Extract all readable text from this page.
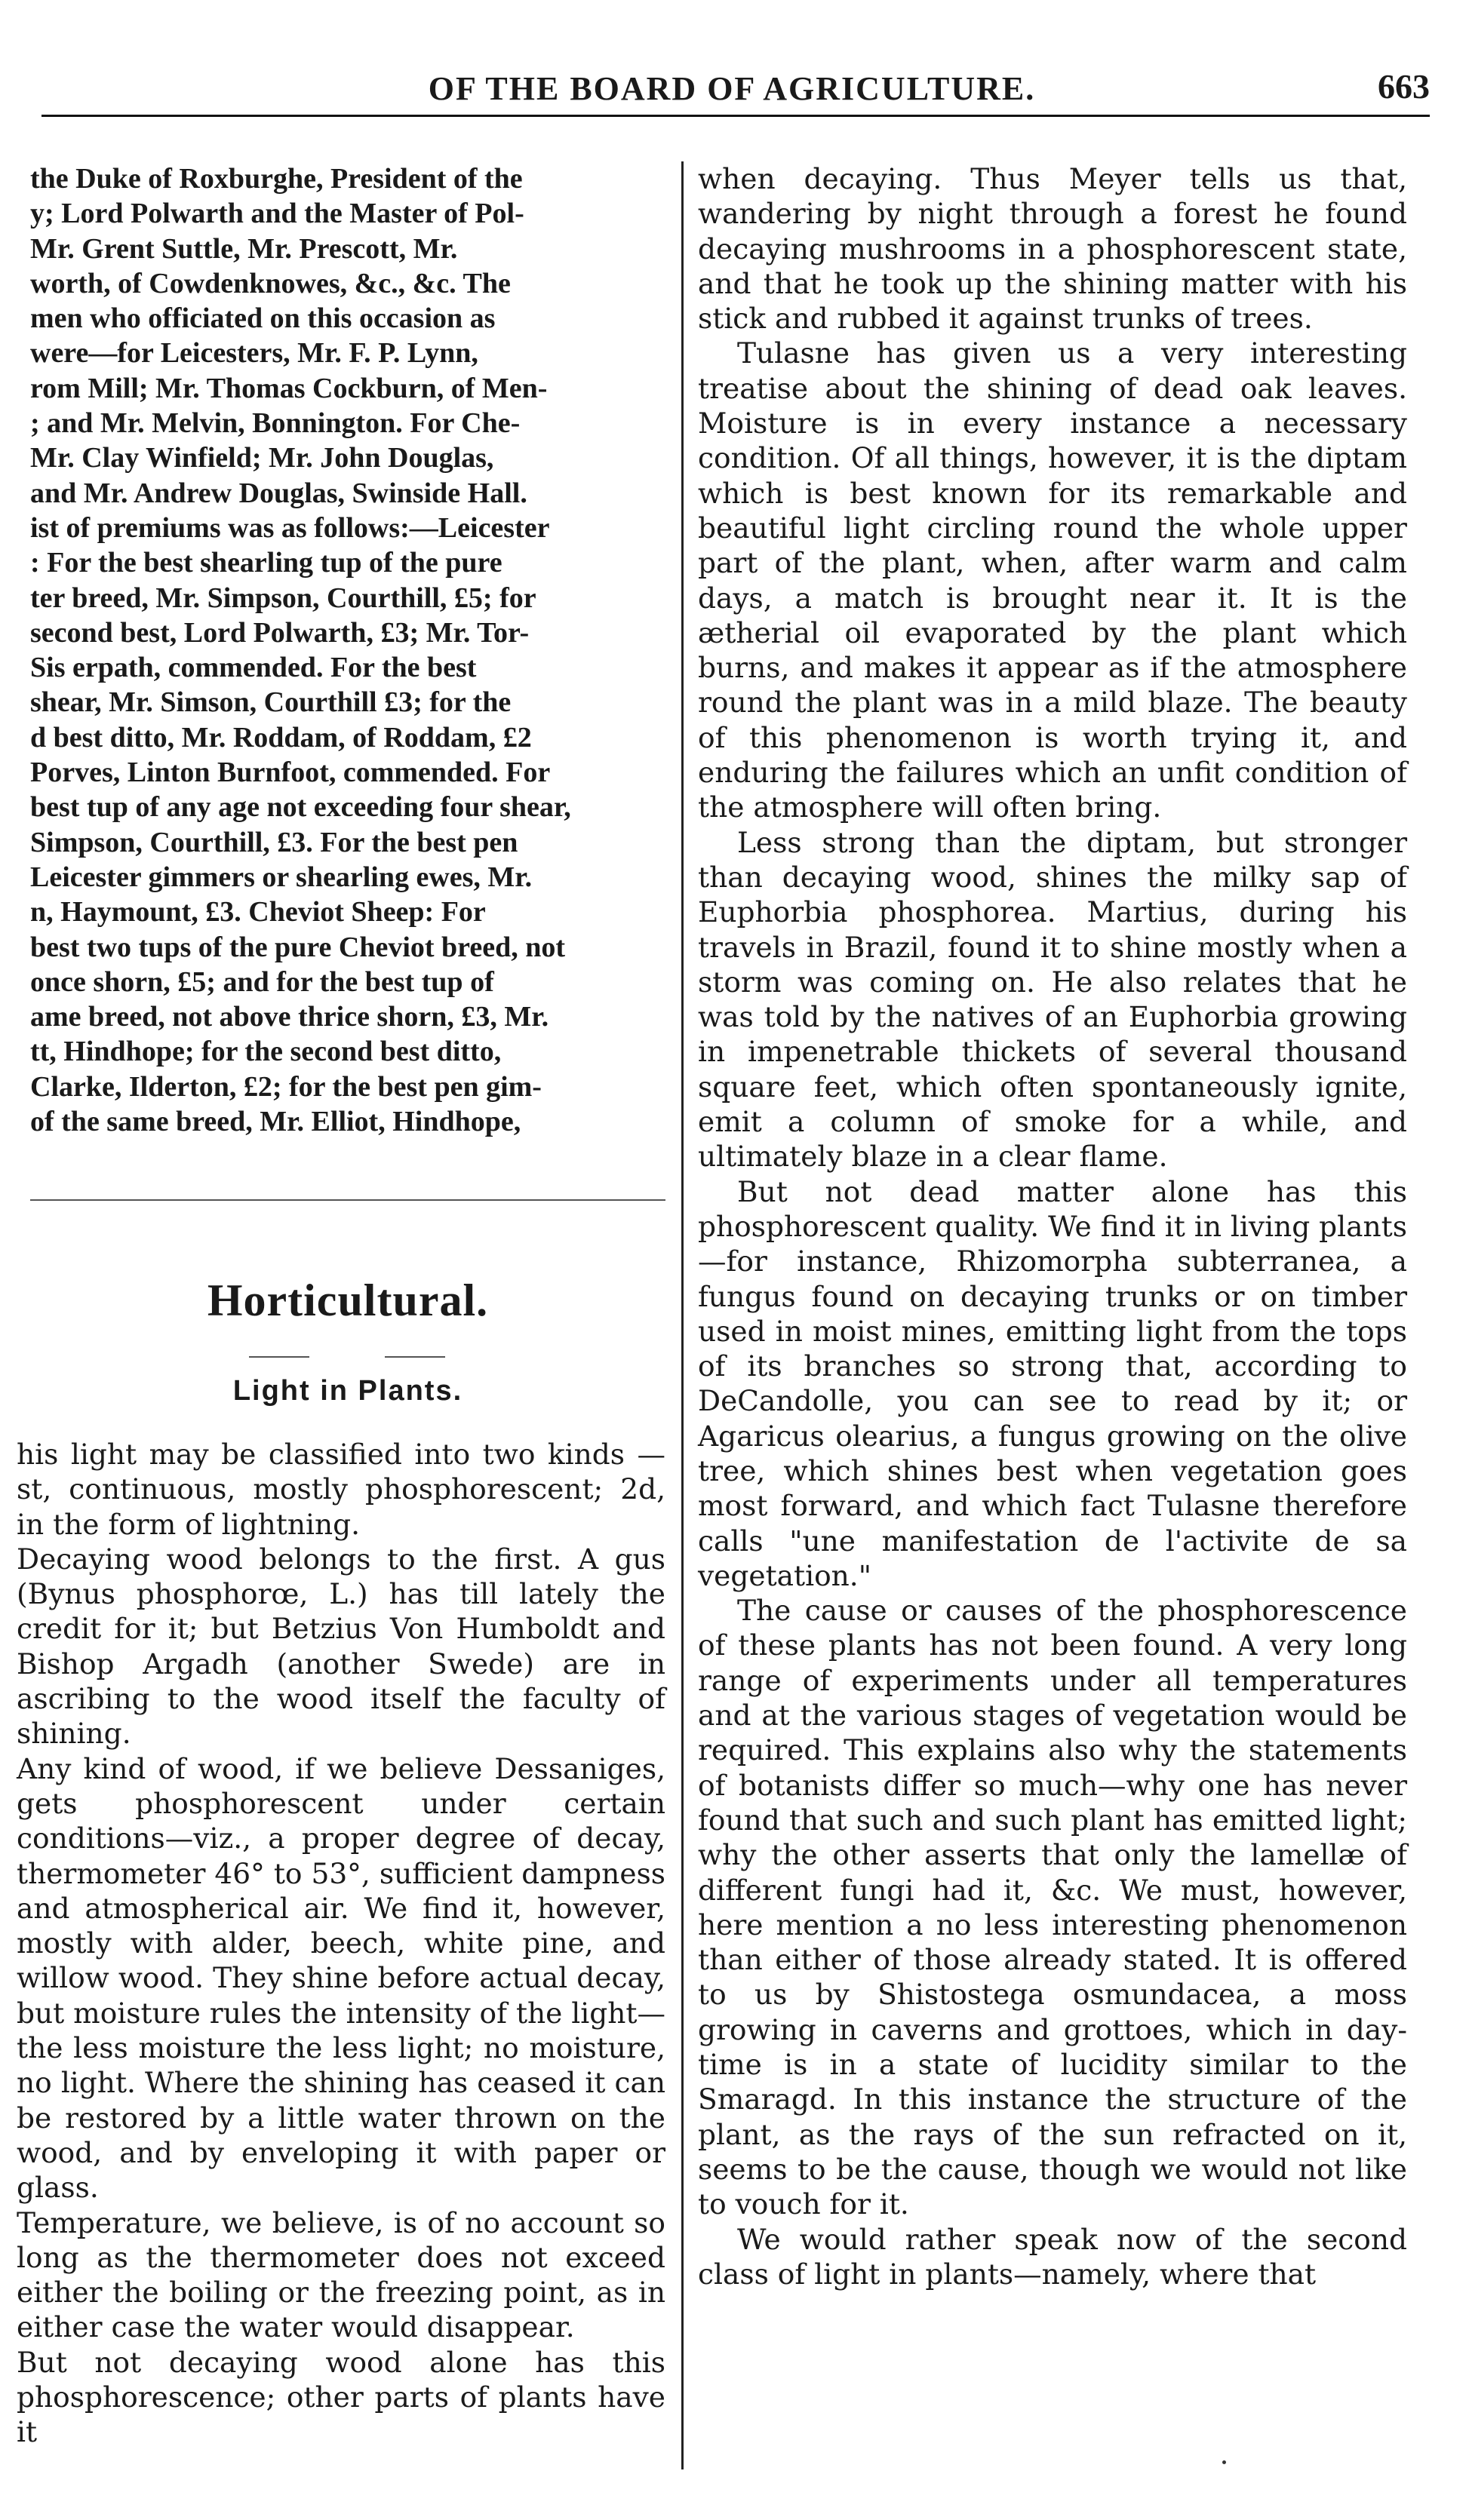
OF THE BOARD OF AGRICULTURE.	663

the Duke of Roxburghe, President of the

y; Lord Polwarth and the Master of Pol-

Mr. Grent Suttle, Mr. Prescott, Mr.

worth, of Cowdenknowes, &c., &c. The

men who officiated on this occasion as

were—for Leicesters, Mr. F. P. Lynn,

rom Mill; Mr. Thomas Cockburn, of Men-

; and Mr. Melvin, Bonnington. For Che-

Mr. Clay Winfield; Mr. John Douglas,

and Mr. Andrew Douglas, Swinside Hall.

ist of premiums was as follows:—Leicester

: For the best shearling tup of the pure

ter breed, Mr. Simpson, Courthill, £5; for

second best, Lord Polwarth, £3; Mr. Tor-

Sis erpath, commended. For the best

shear, Mr. Simson, Courthill £3; for the

d best ditto, Mr. Roddam, of Roddam, £2

Porves, Linton Burnfoot, commended. For

best tup of any age not exceeding four shear,

Simpson, Courthill, £3. For the best pen

Leicester gimmers or shearling ewes, Mr.

n, Haymount, £3. Cheviot Sheep: For

best two tups of the pure Cheviot breed, not

once shorn, £5; and for the best tup of

ame breed, not above thrice shorn, £3, Mr.

tt, Hindhope; for the second best ditto,

Clarke, Ilderton, £2; for the best pen gim-

of the same breed, Mr. Elliot, Hindhope,

Horticultural.
Light in Plants.

his light may be classified into two kinds — st, continuous, mostly phosphorescent; 2d, in the form of lightning.

Decaying wood belongs to the first. A gus (Bynus phosphorœ, L.) has till lately the credit for it; but Betzius Von Humboldt and Bishop Argadh (another Swede) are in ascribing to the wood itself the faculty of shining.

Any kind of wood, if we believe Dessaniges, gets phosphorescent under certain conditions—viz., a proper degree of decay, thermometer 46° to 53°, sufficient dampness and atmospherical air. We find it, however, mostly with alder, beech, white pine, and willow wood. They shine before actual decay, but moisture rules the intensity of the light—the less moisture the less light; no moisture, no light. Where the shining has ceased it can be restored by a little water thrown on the wood, and by enveloping it with paper or glass.

Temperature, we believe, is of no account so long as the thermometer does not exceed either the boiling or the freezing point, as in either case the water would disappear.

But not decaying wood alone has this phosphorescence; other parts of plants have it

when decaying. Thus Meyer tells us that, wandering by night through a forest he found decaying mushrooms in a phosphorescent state, and that he took up the shining matter with his stick and rubbed it against trunks of trees.

Tulasne has given us a very interesting treatise about the shining of dead oak leaves. Moisture is in every instance a necessary condition. Of all things, however, it is the diptam which is best known for its remarkable and beautiful light circling round the whole upper part of the plant, when, after warm and calm days, a match is brought near it. It is the ætherial oil evaporated by the plant which burns, and makes it appear as if the atmosphere round the plant was in a mild blaze. The beauty of this phenomenon is worth trying it, and enduring the failures which an unfit condition of the atmosphere will often bring.

Less strong than the diptam, but stronger than decaying wood, shines the milky sap of Euphorbia phosphorea. Martius, during his travels in Brazil, found it to shine mostly when a storm was coming on. He also relates that he was told by the natives of an Euphorbia growing in impenetrable thickets of several thousand square feet, which often spontaneously ignite, emit a column of smoke for a while, and ultimately blaze in a clear flame.

But not dead matter alone has this phosphorescent quality. We find it in living plants—for instance, Rhizomorpha subterranea, a fungus found on decaying trunks or on timber used in moist mines, emitting light from the tops of its branches so strong that, according to DeCandolle, you can see to read by it; or Agaricus olearius, a fungus growing on the olive tree, which shines best when vegetation goes most forward, and which fact Tulasne therefore calls "une manifestation de l'activite de sa vegetation."

The cause or causes of the phosphorescence of these plants has not been found. A very long range of experiments under all temperatures and at the various stages of vegetation would be required. This explains also why the statements of botanists differ so much—why one has never found that such and such plant has emitted light; why the other asserts that only the lamellæ of different fungi had it, &c. We must, however, here mention a no less interesting phenomenon than either of those already stated. It is offered to us by Shistostega osmundacea, a moss growing in caverns and grottoes, which in day-time is in a state of lucidity similar to the Smaragd. In this instance the structure of the plant, as the rays of the sun refracted on it, seems to be the cause, though we would not like to vouch for it.

We would rather speak now of the second class of light in plants—namely, where that
